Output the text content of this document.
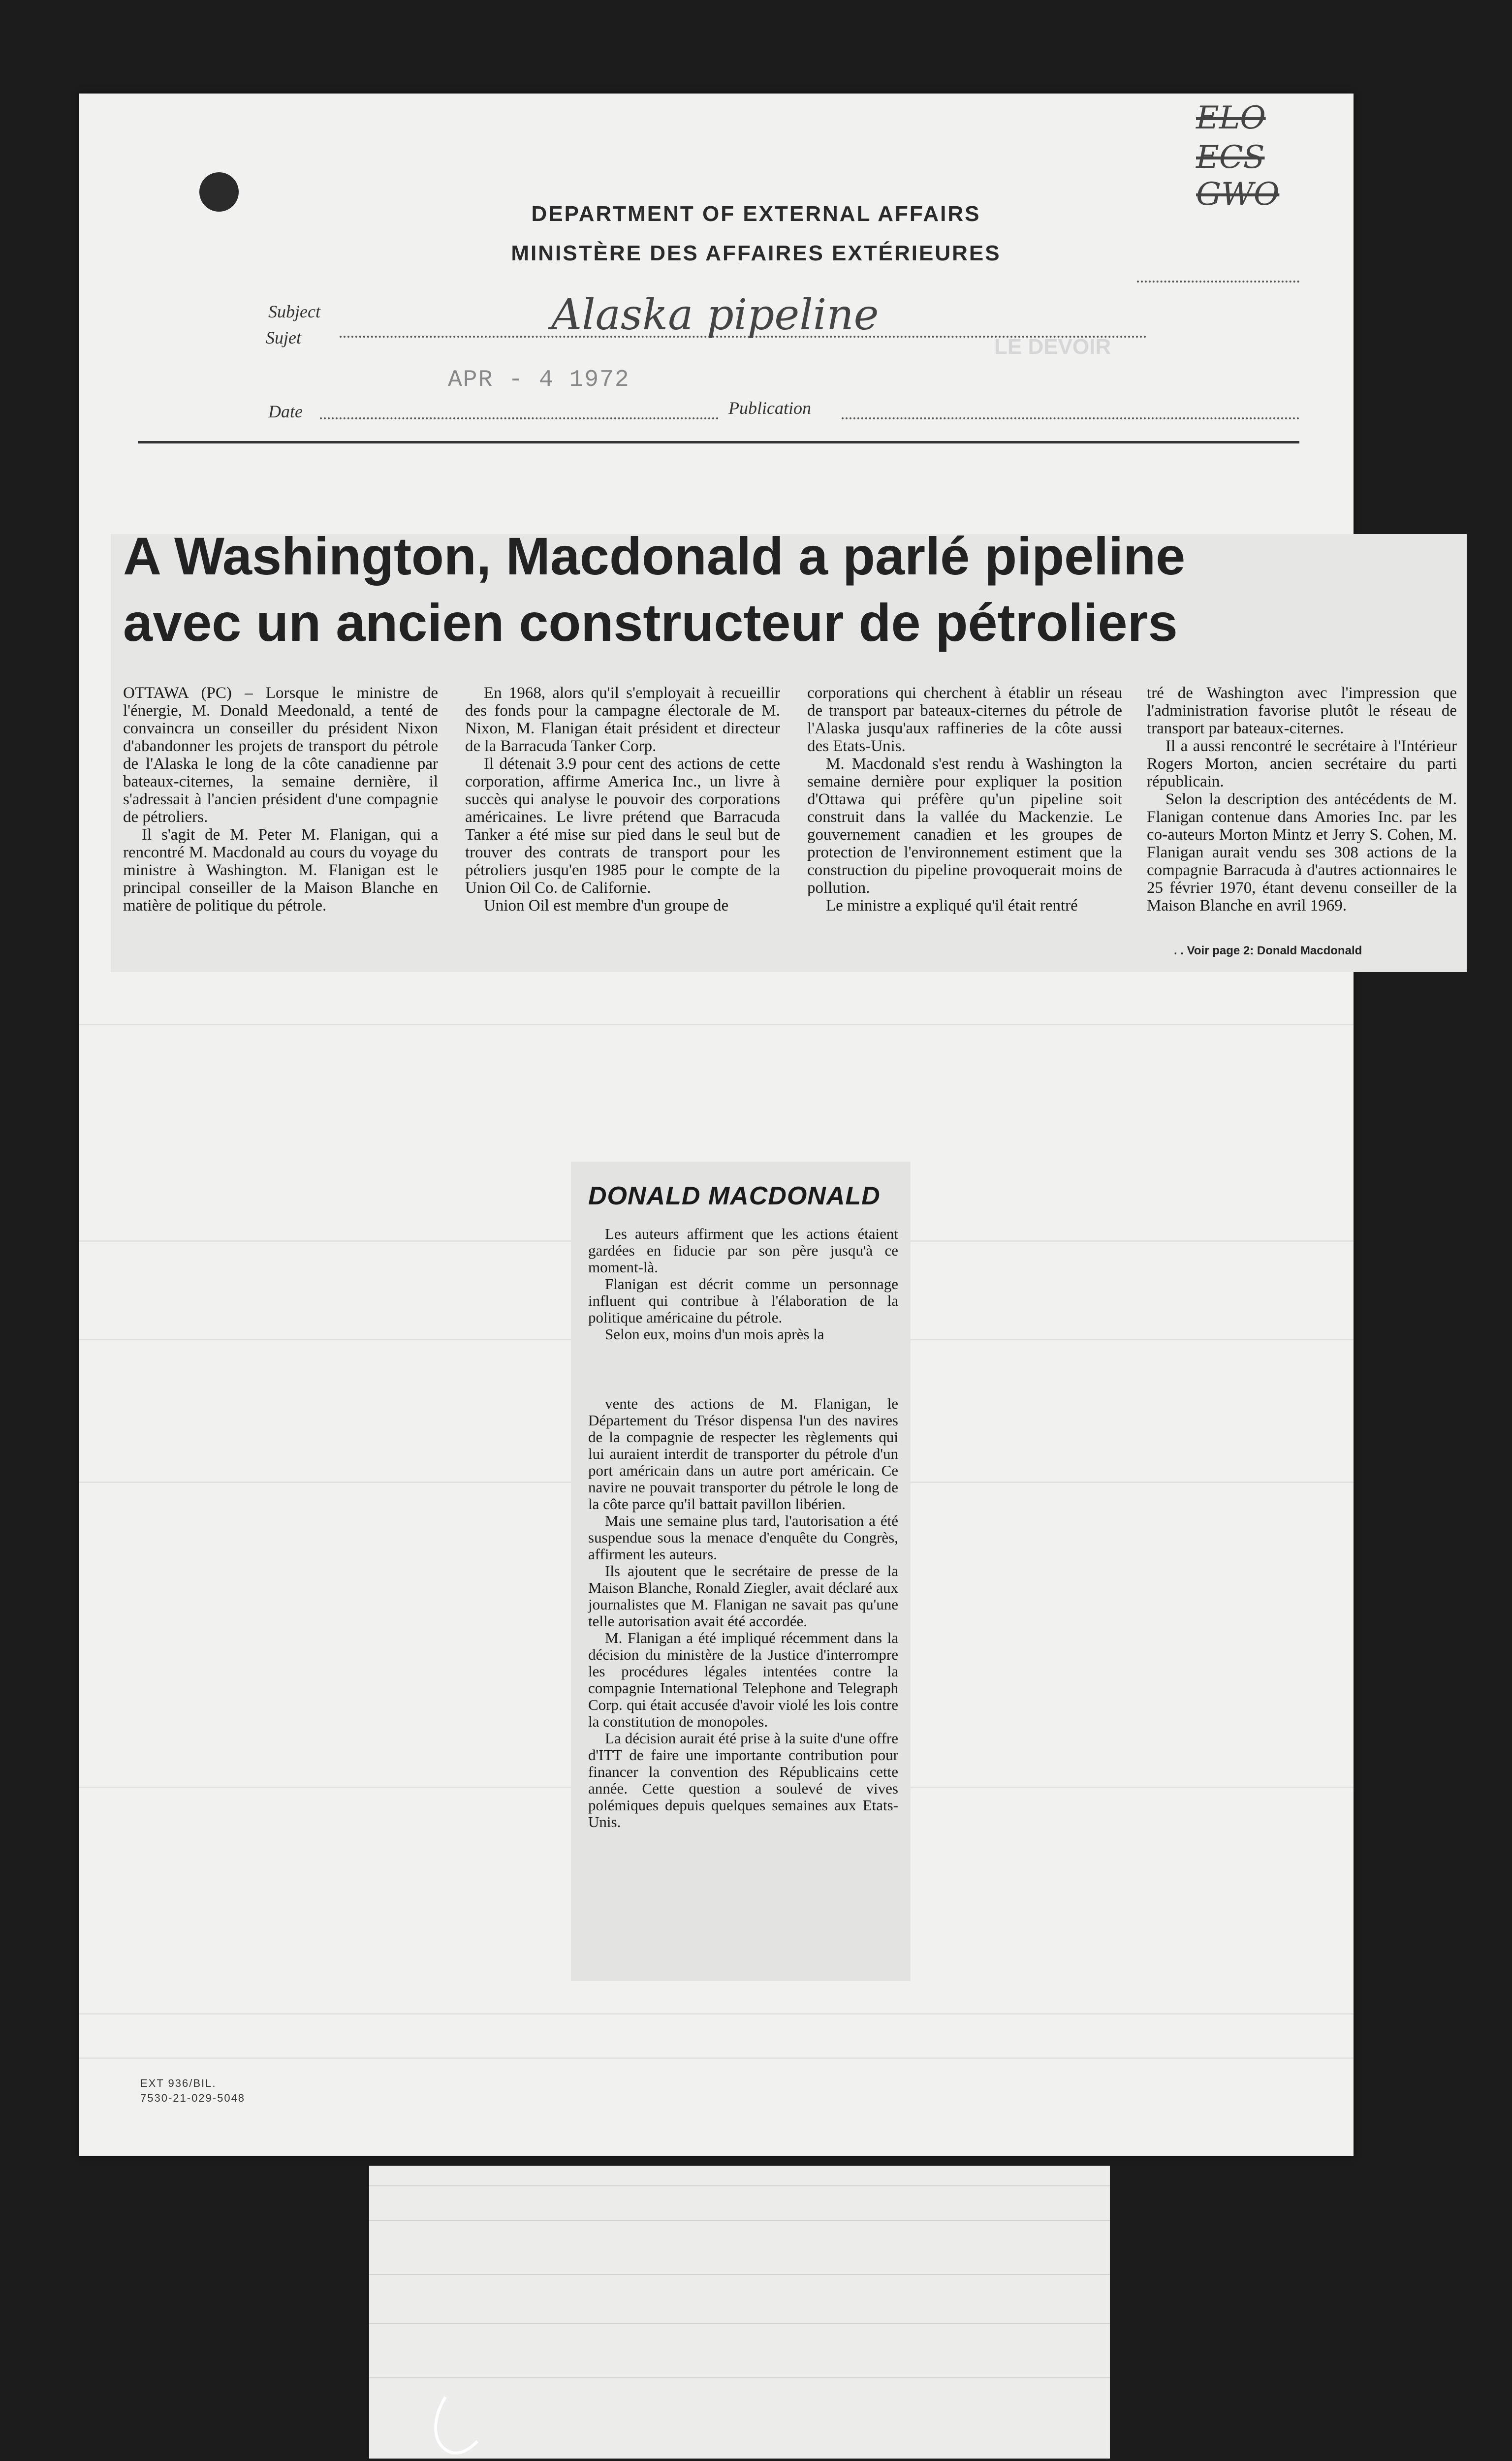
DEPARTMENT OF EXTERNAL AFFAIRS
MINISTÈRE DES AFFAIRES EXTÉRIEURES
ELO
ECS
GWO
Subject
Sujet	Alaska pipeline
LE DEVOIR
APR - 4 1972
Date	Publication
A Washington, Macdonald a parlé pipeline
avec un ancien constructeur de pétroliers

OTTAWA (PC) – Lorsque le ministre de l'énergie, M. Donald Meedonald, a tenté de convaincra un conseiller du président Nixon d'abandonner les projets de transport du pétrole de l'Alaska le long de la côte canadienne par bateaux-citernes, la semaine dernière, il s'adressait à l'ancien président d'une compagnie de pétroliers.

Il s'agit de M. Peter M. Flanigan, qui a rencontré M. Macdonald au cours du voyage du ministre à Washington. M. Flanigan est le principal conseiller de la Maison Blanche en matière de politique du pétrole.

En 1968, alors qu'il s'employait à recueillir des fonds pour la campagne électorale de M. Nixon, M. Flanigan était président et directeur de la Barracuda Tanker Corp.

Il détenait 3.9 pour cent des actions de cette corporation, affirme America Inc., un livre à succès qui analyse le pouvoir des corporations américaines. Le livre prétend que Barracuda Tanker a été mise sur pied dans le seul but de trouver des contrats de transport pour les pétroliers jusqu'en 1985 pour le compte de la Union Oil Co. de Californie.

Union Oil est membre d'un groupe de

corporations qui cherchent à établir un réseau de transport par bateaux-citernes du pétrole de l'Alaska jusqu'aux raffineries de la côte aussi des Etats-Unis.

M. Macdonald s'est rendu à Washington la semaine dernière pour expliquer la position d'Ottawa qui préfère qu'un pipeline soit construit dans la vallée du Mackenzie. Le gouvernement canadien et les groupes de protection de l'environnement estiment que la construction du pipeline provoquerait moins de pollution.

Le ministre a expliqué qu'il était rentré

tré de Washington avec l'impression que l'administration favorise plutôt le réseau de transport par bateaux-citernes.

Il a aussi rencontré le secrétaire à l'Intérieur Rogers Morton, ancien secrétaire du parti républicain.

Selon la description des antécédents de M. Flanigan contenue dans Amories Inc. par les co-auteurs Morton Mintz et Jerry S. Cohen, M. Flanigan aurait vendu ses 308 actions de la compagnie Barracuda à d'autres actionnaires le 25 février 1970, étant devenu conseiller de la Maison Blanche en avril 1969.

. . Voir page 2: Donald Macdonald
DONALD MACDONALD

Les auteurs affirment que les actions étaient gardées en fiducie par son père jusqu'à ce moment-là.

Flanigan est décrit comme un personnage influent qui contribue à l'élaboration de la politique américaine du pétrole.

Selon eux, moins d'un mois après la

vente des actions de M. Flanigan, le Département du Trésor dispensa l'un des navires de la compagnie de respecter les règlements qui lui auraient interdit de transporter du pétrole d'un port américain dans un autre port américain. Ce navire ne pouvait transporter du pétrole le long de la côte parce qu'il battait pavillon libérien.

Mais une semaine plus tard, l'autorisation a été suspendue sous la menace d'enquête du Congrès, affirment les auteurs.

Ils ajoutent que le secrétaire de presse de la Maison Blanche, Ronald Ziegler, avait déclaré aux journalistes que M. Flanigan ne savait pas qu'une telle autorisation avait été accordée.

M. Flanigan a été impliqué récemment dans la décision du ministère de la Justice d'interrompre les procédures légales intentées contre la compagnie International Telephone and Telegraph Corp. qui était accusée d'avoir violé les lois contre la constitution de monopoles.

La décision aurait été prise à la suite d'une offre d'ITT de faire une importante contribution pour financer la convention des Républicains cette année. Cette question a soulevé de vives polémiques depuis quelques semaines aux Etats-Unis.

EXT 936/BIL.
7530-21-029-5048
